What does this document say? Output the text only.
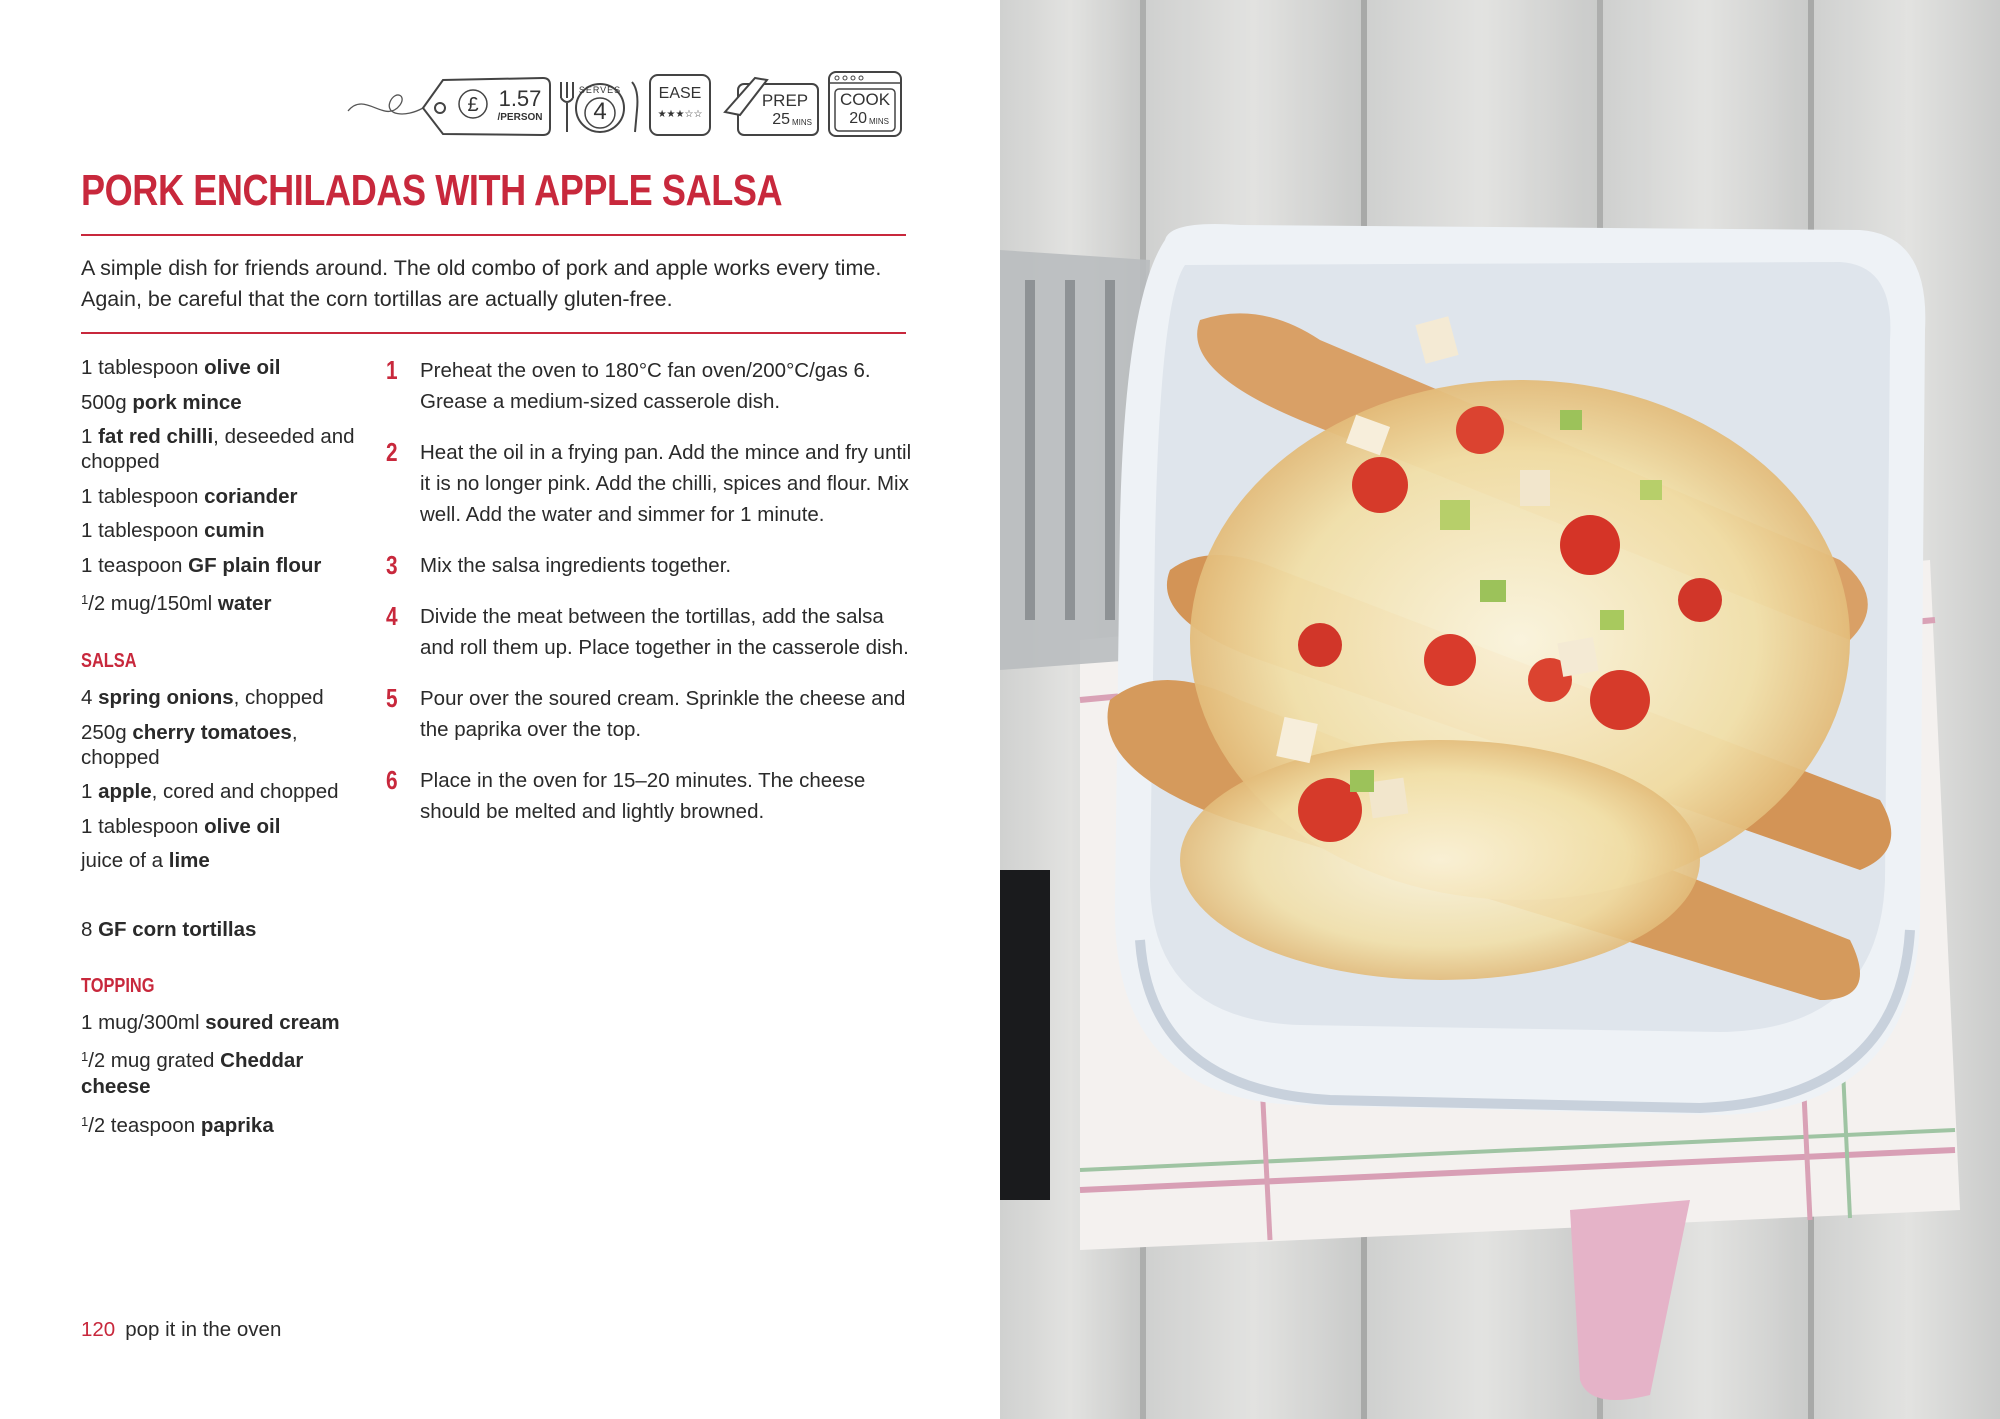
£ 1.57
/PERSON
SERVES
4
EASE
★★★☆☆
PREP
25 MINS
COOK
20 MINS
PORK ENCHILADAS WITH APPLE SALSA

A simple dish for friends around. The old combo of pork and apple works every time. Again, be careful that the corn tortillas are actually gluten-free.

1 tablespoon olive oil
500g pork mince
1 fat red chilli, deseeded and chopped
1 tablespoon coriander
1 tablespoon cumin
1 teaspoon GF plain flour
$^1$/2 mug/150ml water
SALSA
4 spring onions, chopped
250g cherry tomatoes, chopped
1 apple, cored and chopped
1 tablespoon olive oil
juice of a lime
8 GF corn tortillas
TOPPING
1 mug/300ml soured cream
$^1$/2 mug grated Cheddar cheese
$^1$/2 teaspoon paprika
1 Preheat the oven to 180°C fan oven/200°C/gas 6. Grease a medium-sized casserole dish.
2 Heat the oil in a frying pan. Add the mince and fry until it is no longer pink. Add the chilli, spices and flour. Mix well. Add the water and simmer for 1 minute.
3 Mix the salsa ingredients together.
4 Divide the meat between the tortillas, add the salsa and roll them up. Place together in the casserole dish.
5 Pour over the soured cream. Sprinkle the cheese and the paprika over the top.
6 Place in the oven for 15–20 minutes. The cheese should be melted and lightly browned.
120 pop it in the oven
